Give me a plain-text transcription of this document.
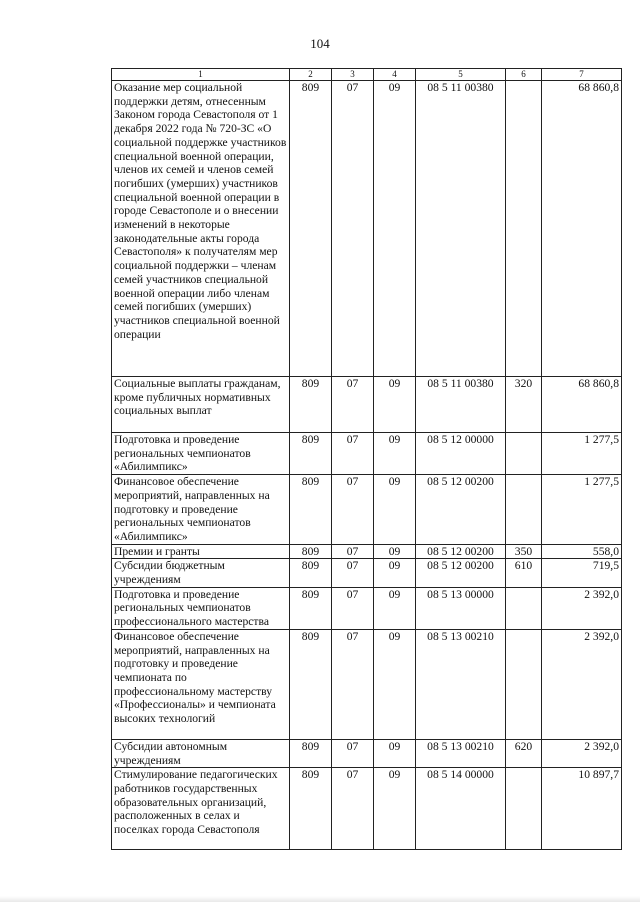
104
1	2	3	4	5	6	7
Оказание мер социальной поддержки детям, отнесенным Законом города Севастополя от 1 декабря 2022 года № 720-ЗС «О социальной поддержке участников специальной военной операции, членов их семей и членов семей погибших (умерших) участников специальной военной операции в городе Севастополе и о внесении изменений в некоторые законодательные акты города Севастополя» к получателям мер социальной поддержки – членам семей участников специальной военной операции либо членам семей погибших (умерших) участников специальной военной операции	809	07	09	08 5 11 00380		68 860,8
Социальные выплаты гражданам, кроме публичных нормативных социальных выплат	809	07	09	08 5 11 00380	320	68 860,8
Подготовка и проведение региональных чемпионатов «Абилимпикс»	809	07	09	08 5 12 00000		1 277,5
Финансовое обеспечение мероприятий, направленных на подготовку и проведение региональных чемпионатов «Абилимпикс»	809	07	09	08 5 12 00200		1 277,5
Премии и гранты	809	07	09	08 5 12 00200	350	558,0
Субсидии бюджетным учреждениям	809	07	09	08 5 12 00200	610	719,5
Подготовка и проведение региональных чемпионатов профессионального мастерства	809	07	09	08 5 13 00000		2 392,0
Финансовое обеспечение мероприятий, направленных на подготовку и проведение чемпионата по профессиональному мастерству «Профессионалы» и чемпионата высоких технологий	809	07	09	08 5 13 00210		2 392,0
Субсидии автономным учреждениям	809	07	09	08 5 13 00210	620	2 392,0
Стимулирование педагогических работников государственных образовательных организаций, расположенных в селах и поселках города Севастополя	809	07	09	08 5 14 00000		10 897,7
